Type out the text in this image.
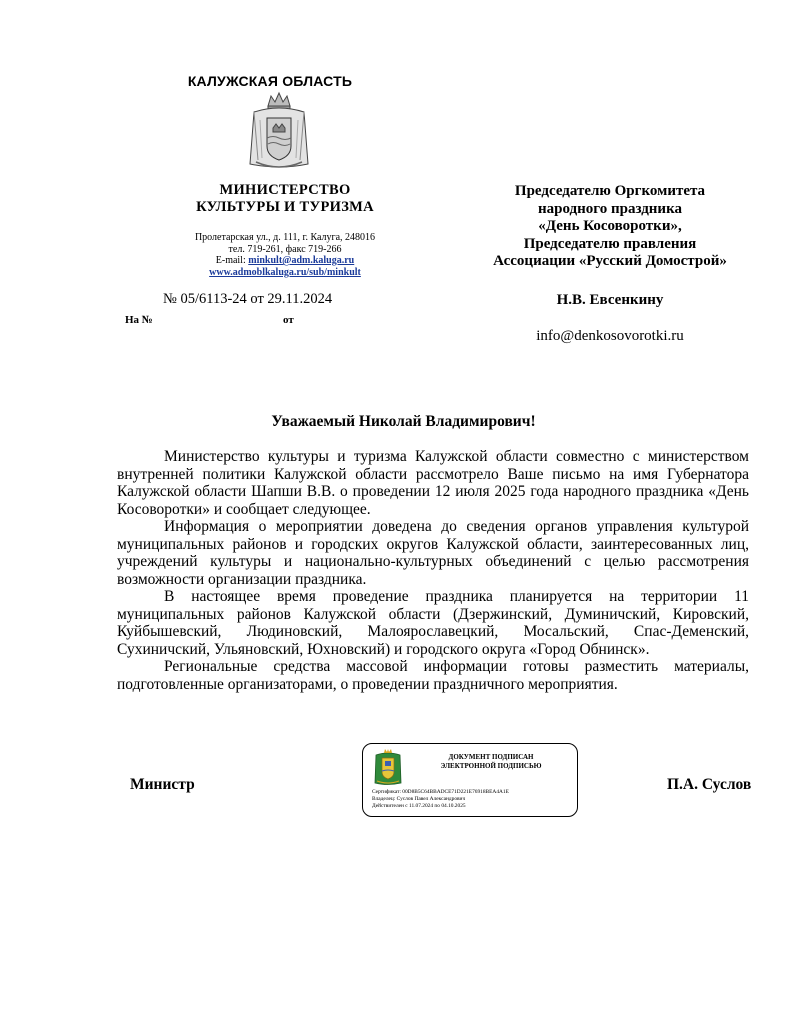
КАЛУЖСКАЯ ОБЛАСТЬ
МИНИСТЕРСТВО
КУЛЬТУРЫ И ТУРИЗМА
Пролетарская ул., д. 111, г. Калуга, 248016
тел. 719-261, факс 719-266
E-mail: minkult@adm.kaluga.ru
www.admoblkaluga.ru/sub/minkult
№ 05/6113-24 от 29.11.2024
На №	от
Председателю Оргкомитета
народного праздника
«День Косоворотки»,
Председателю правления
Ассоциации «Русский Домострой»
Н.В. Евсенкину
info@denkosovorotki.ru
Уважаемый Николай Владимирович!

Министерство культуры и туризма Калужской области совместно с министерством внутренней политики Калужской области рассмотрело Ваше письмо на имя Губернатора Калужской области Шапши В.В. о проведении 12 июля 2025 года народного праздника «День Косоворотки» и сообщает следующее.

Информация о мероприятии доведена до сведения органов управления культурой муниципальных районов и городских округов Калужской области, заинтересованных лиц, учреждений культуры и национально-культурных объединений с целью рассмотрения возможности организации праздника.

В настоящее время проведение праздника планируется на территории 11 муниципальных районов Калужской области (Дзержинский, Думиничский, Кировский, Куйбышевский, Людиновский, Малоярославецкий, Мосальский, Спас-Деменский, Сухиничский, Ульяновский, Юхновский) и городского округа «Город Обнинск».

Региональные средства массовой информации готовы разместить материалы, подготовленные организаторами, о проведении праздничного мероприятия.

Министр	П.А. Суслов
ДОКУМЕНТ ПОДПИСАН
ЭЛЕКТРОННОЙ ПОДПИСЬЮ
Сертификат: 00D8B5C64BBADCE71D221E76918BEA4A1E
Владелец: Суслов Павел Александрович
Действителен с 11.07.2024 по 04.10.2025
